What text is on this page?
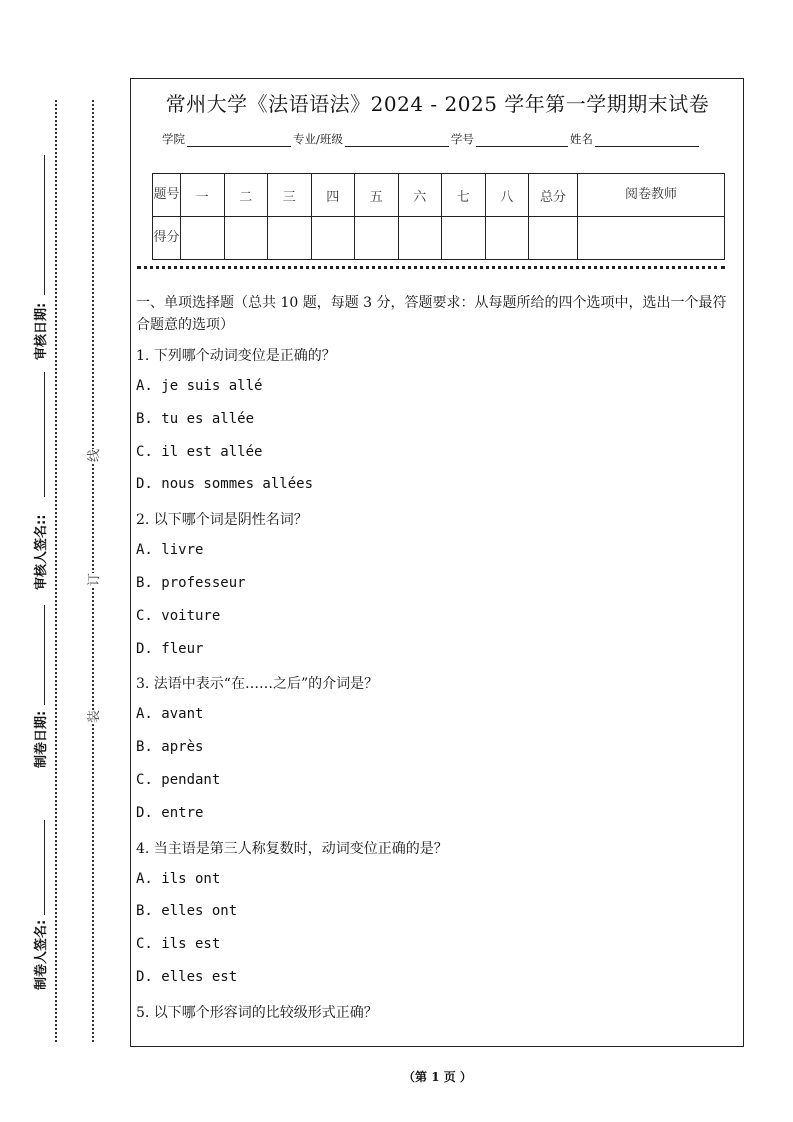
常州大学《法语语法》2024 - 2025 学年第一学期期末试卷
学院	专业/班级	学号	姓名
题号	一	二	三	四	五	六	七	八	总分	阅卷教师
得分										
一、单项选择题（总共 10 题，每题 3 分，答题要求：从每题所给的四个选项中，选出一个最符合题意的选项）
1. 下列哪个动词变位是正确的？
A. je suis allé
B. tu es allée
C. il est allée
D. nous sommes allées
2. 以下哪个词是阴性名词？
A. livre
B. professeur
C. voiture
D. fleur
3. 法语中表示“在……之后”的介词是？
A. avant
B. après
C. pendant
D. entre
4. 当主语是第三人称复数时，动词变位正确的是？
A. ils ont
B. elles ont
C. ils est
D. elles est
5. 以下哪个形容词的比较级形式正确？
审核日期:
审核人签名::
制卷日期:
制卷人签名:
线
订
装
（第 1 页 ）
